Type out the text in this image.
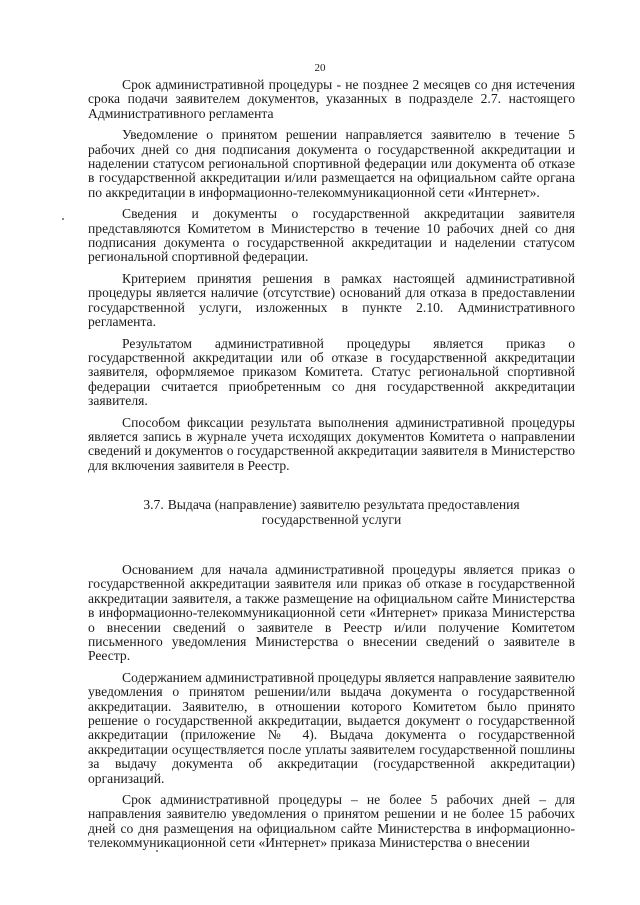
20

Срок административной процедуры - не позднее 2 месяцев со дня истечения срока подачи заявителем документов, указанных в подразделе 2.7. настоящего Административного регламента

Уведомление о принятом решении направляется заявителю в течение 5 рабочих дней со дня подписания документа о государственной аккредитации и наделении статусом региональной спортивной федерации или документа об отказе в государственной аккредитации и/или размещается на официальном сайте органа по аккредитации в информационно-телекоммуникационной сети «Интернет».

Сведения и документы о государственной аккредитации заявителя представляются Комитетом в Министерство в течение 10 рабочих дней со дня подписания документа о государственной аккредитации и наделении статусом региональной спортивной федерации.

Критерием принятия решения в рамках настоящей административной процедуры является наличие (отсутствие) оснований для отказа в предоставлении государственной услуги, изложенных в пункте 2.10. Административного регламента.

Результатом административной процедуры является приказ о государственной аккредитации или об отказе в государственной аккредитации заявителя, оформляемое приказом Комитета. Статус региональной спортивной федерации считается приобретенным со дня государственной аккредитации заявителя.

Способом фиксации результата выполнения административной процедуры является запись в журнале учета исходящих документов Комитета о направлении сведений и документов о государственной аккредитации заявителя в Министерство для включения заявителя в Реестр.

3.7. Выдача (направление) заявителю результата предоставления государственной услуги

Основанием для начала административной процедуры является приказ о государственной аккредитации заявителя или приказ об отказе в государственной аккредитации заявителя, а также размещение на официальном сайте Министерства в информационно-телекоммуникационной сети «Интернет» приказа Министерства о внесении сведений о заявителе в Реестр и/или получение Комитетом письменного уведомления Министерства о внесении сведений о заявителе в Реестр.

Содержанием административной процедуры является направление заявителю уведомления о принятом решении/или выдача документа о государственной аккредитации. Заявителю, в отношении которого Комитетом было принято решение о государственной аккредитации, выдается документ о государственной аккредитации (приложение № 4). Выдача документа о государственной аккредитации осуществляется после уплаты заявителем государственной пошлины за выдачу документа об аккредитации (государственной аккредитации) организаций.

Срок административной процедуры – не более 5 рабочих дней – для направления заявителю уведомления о принятом решении и не более 15 рабочих дней со дня размещения на официальном сайте Министерства в информационно-телекоммуникационной сети «Интернет» приказа Министерства о внесении
